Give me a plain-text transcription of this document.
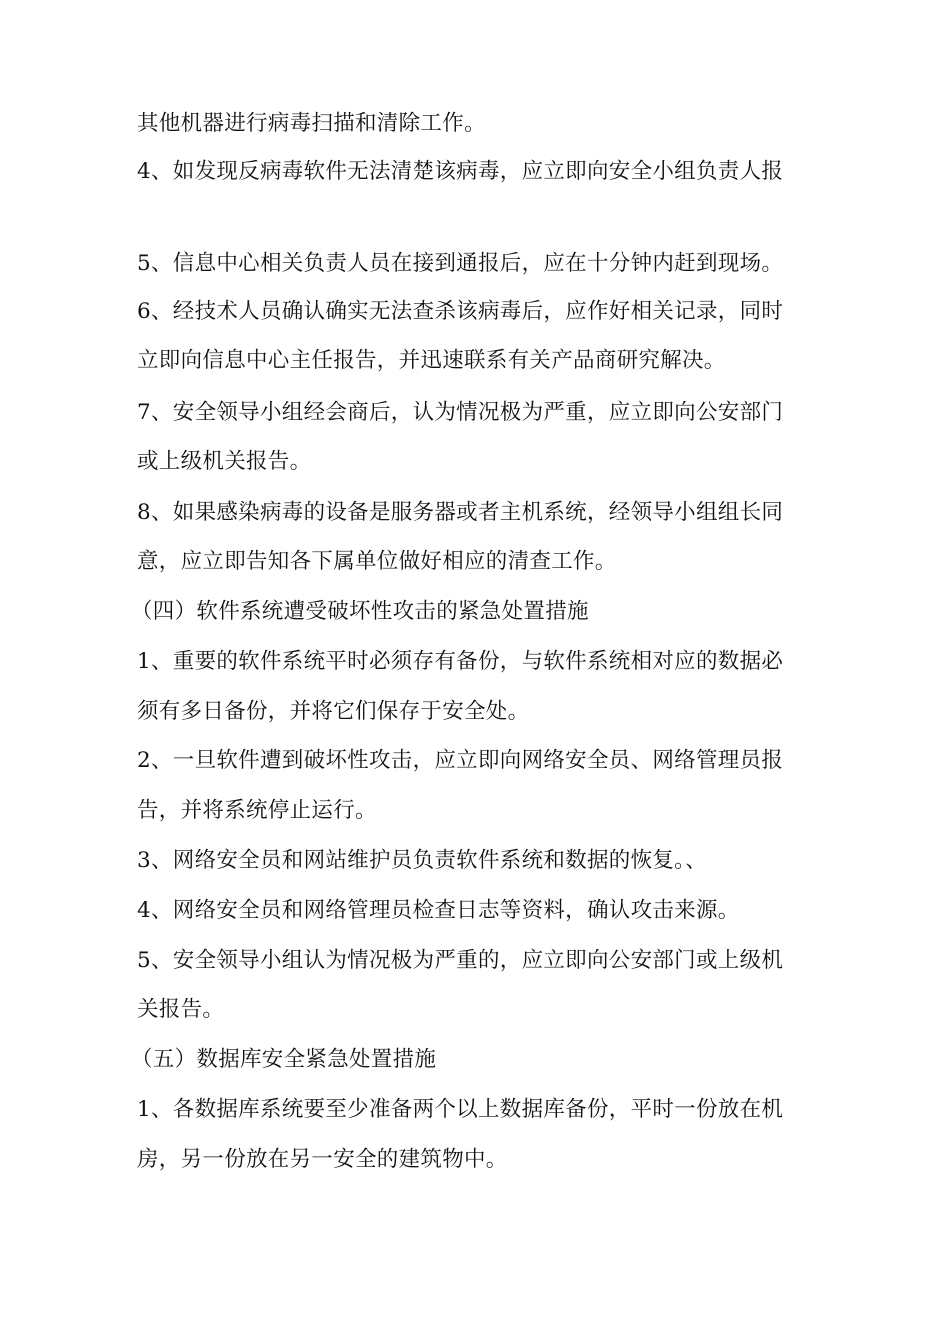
其他机器进行病毒扫描和清除工作。
4、如发现反病毒软件无法清楚该病毒，应立即向安全小组负责人报
5、信息中心相关负责人员在接到通报后，应在十分钟内赶到现场。
6、经技术人员确认确实无法查杀该病毒后，应作好相关记录，同时
立即向信息中心主任报告，并迅速联系有关产品商研究解决。
7、安全领导小组经会商后，认为情况极为严重，应立即向公安部门
或上级机关报告。
8、如果感染病毒的设备是服务器或者主机系统，经领导小组组长同
意，应立即告知各下属单位做好相应的清查工作。
（四）软件系统遭受破坏性攻击的紧急处置措施
1、重要的软件系统平时必须存有备份，与软件系统相对应的数据必
须有多日备份，并将它们保存于安全处。
2、一旦软件遭到破坏性攻击，应立即向网络安全员、网络管理员报
告，并将系统停止运行。
3、网络安全员和网站维护员负责软件系统和数据的恢复。、
4、网络安全员和网络管理员检查日志等资料，确认攻击来源。
5、安全领导小组认为情况极为严重的，应立即向公安部门或上级机
关报告。
（五）数据库安全紧急处置措施
1、各数据库系统要至少准备两个以上数据库备份，平时一份放在机
房，另一份放在另一安全的建筑物中。
